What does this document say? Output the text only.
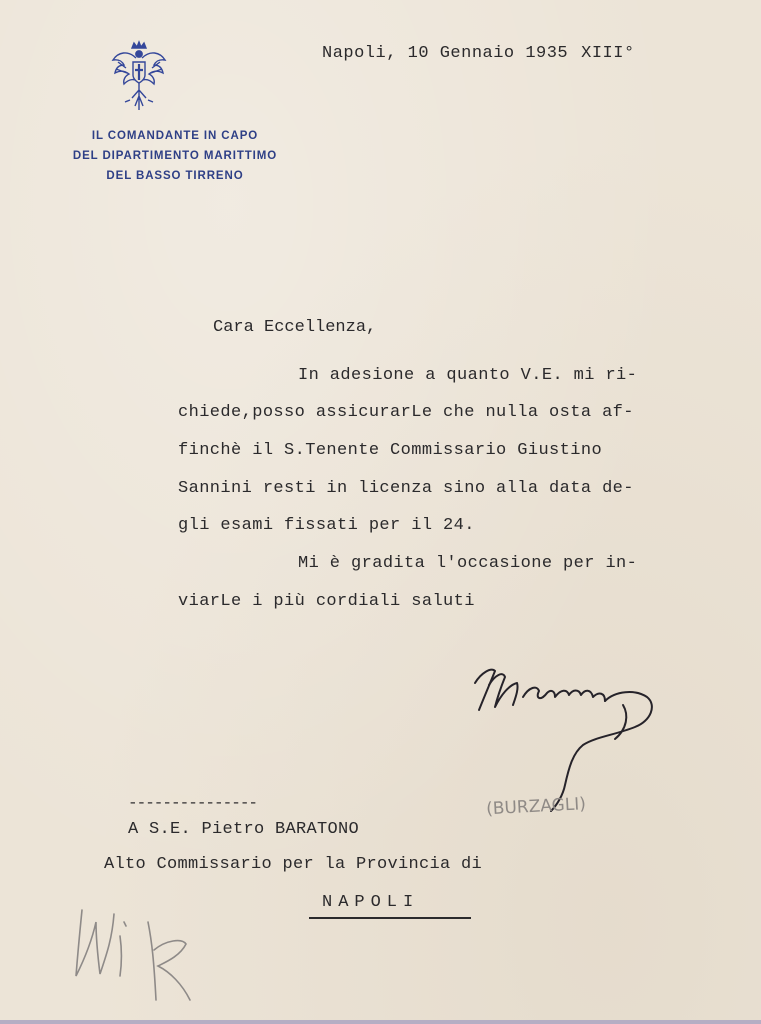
IL COMANDANTE IN CAPO
DEL DIPARTIMENTO MARITTIMO
DEL BASSO TIRRENO
Napoli, 10 Gennaio 1935 XIII°
Cara Eccellenza,
In adesione a quanto V.E. mi ri-
chiede,posso assicurarLe che nulla osta af-
finchè il S.Tenente Commissario Giustino
Sannini resti in licenza sino alla data de-
gli esami fissati per il 24.
Mi è gradita l'occasione per in-
viarLe i più cordiali saluti
(BURZAGLI)
---------------
A S.E. Pietro BARATONO
Alto Commissario per la Provincia di
NAPOLI
